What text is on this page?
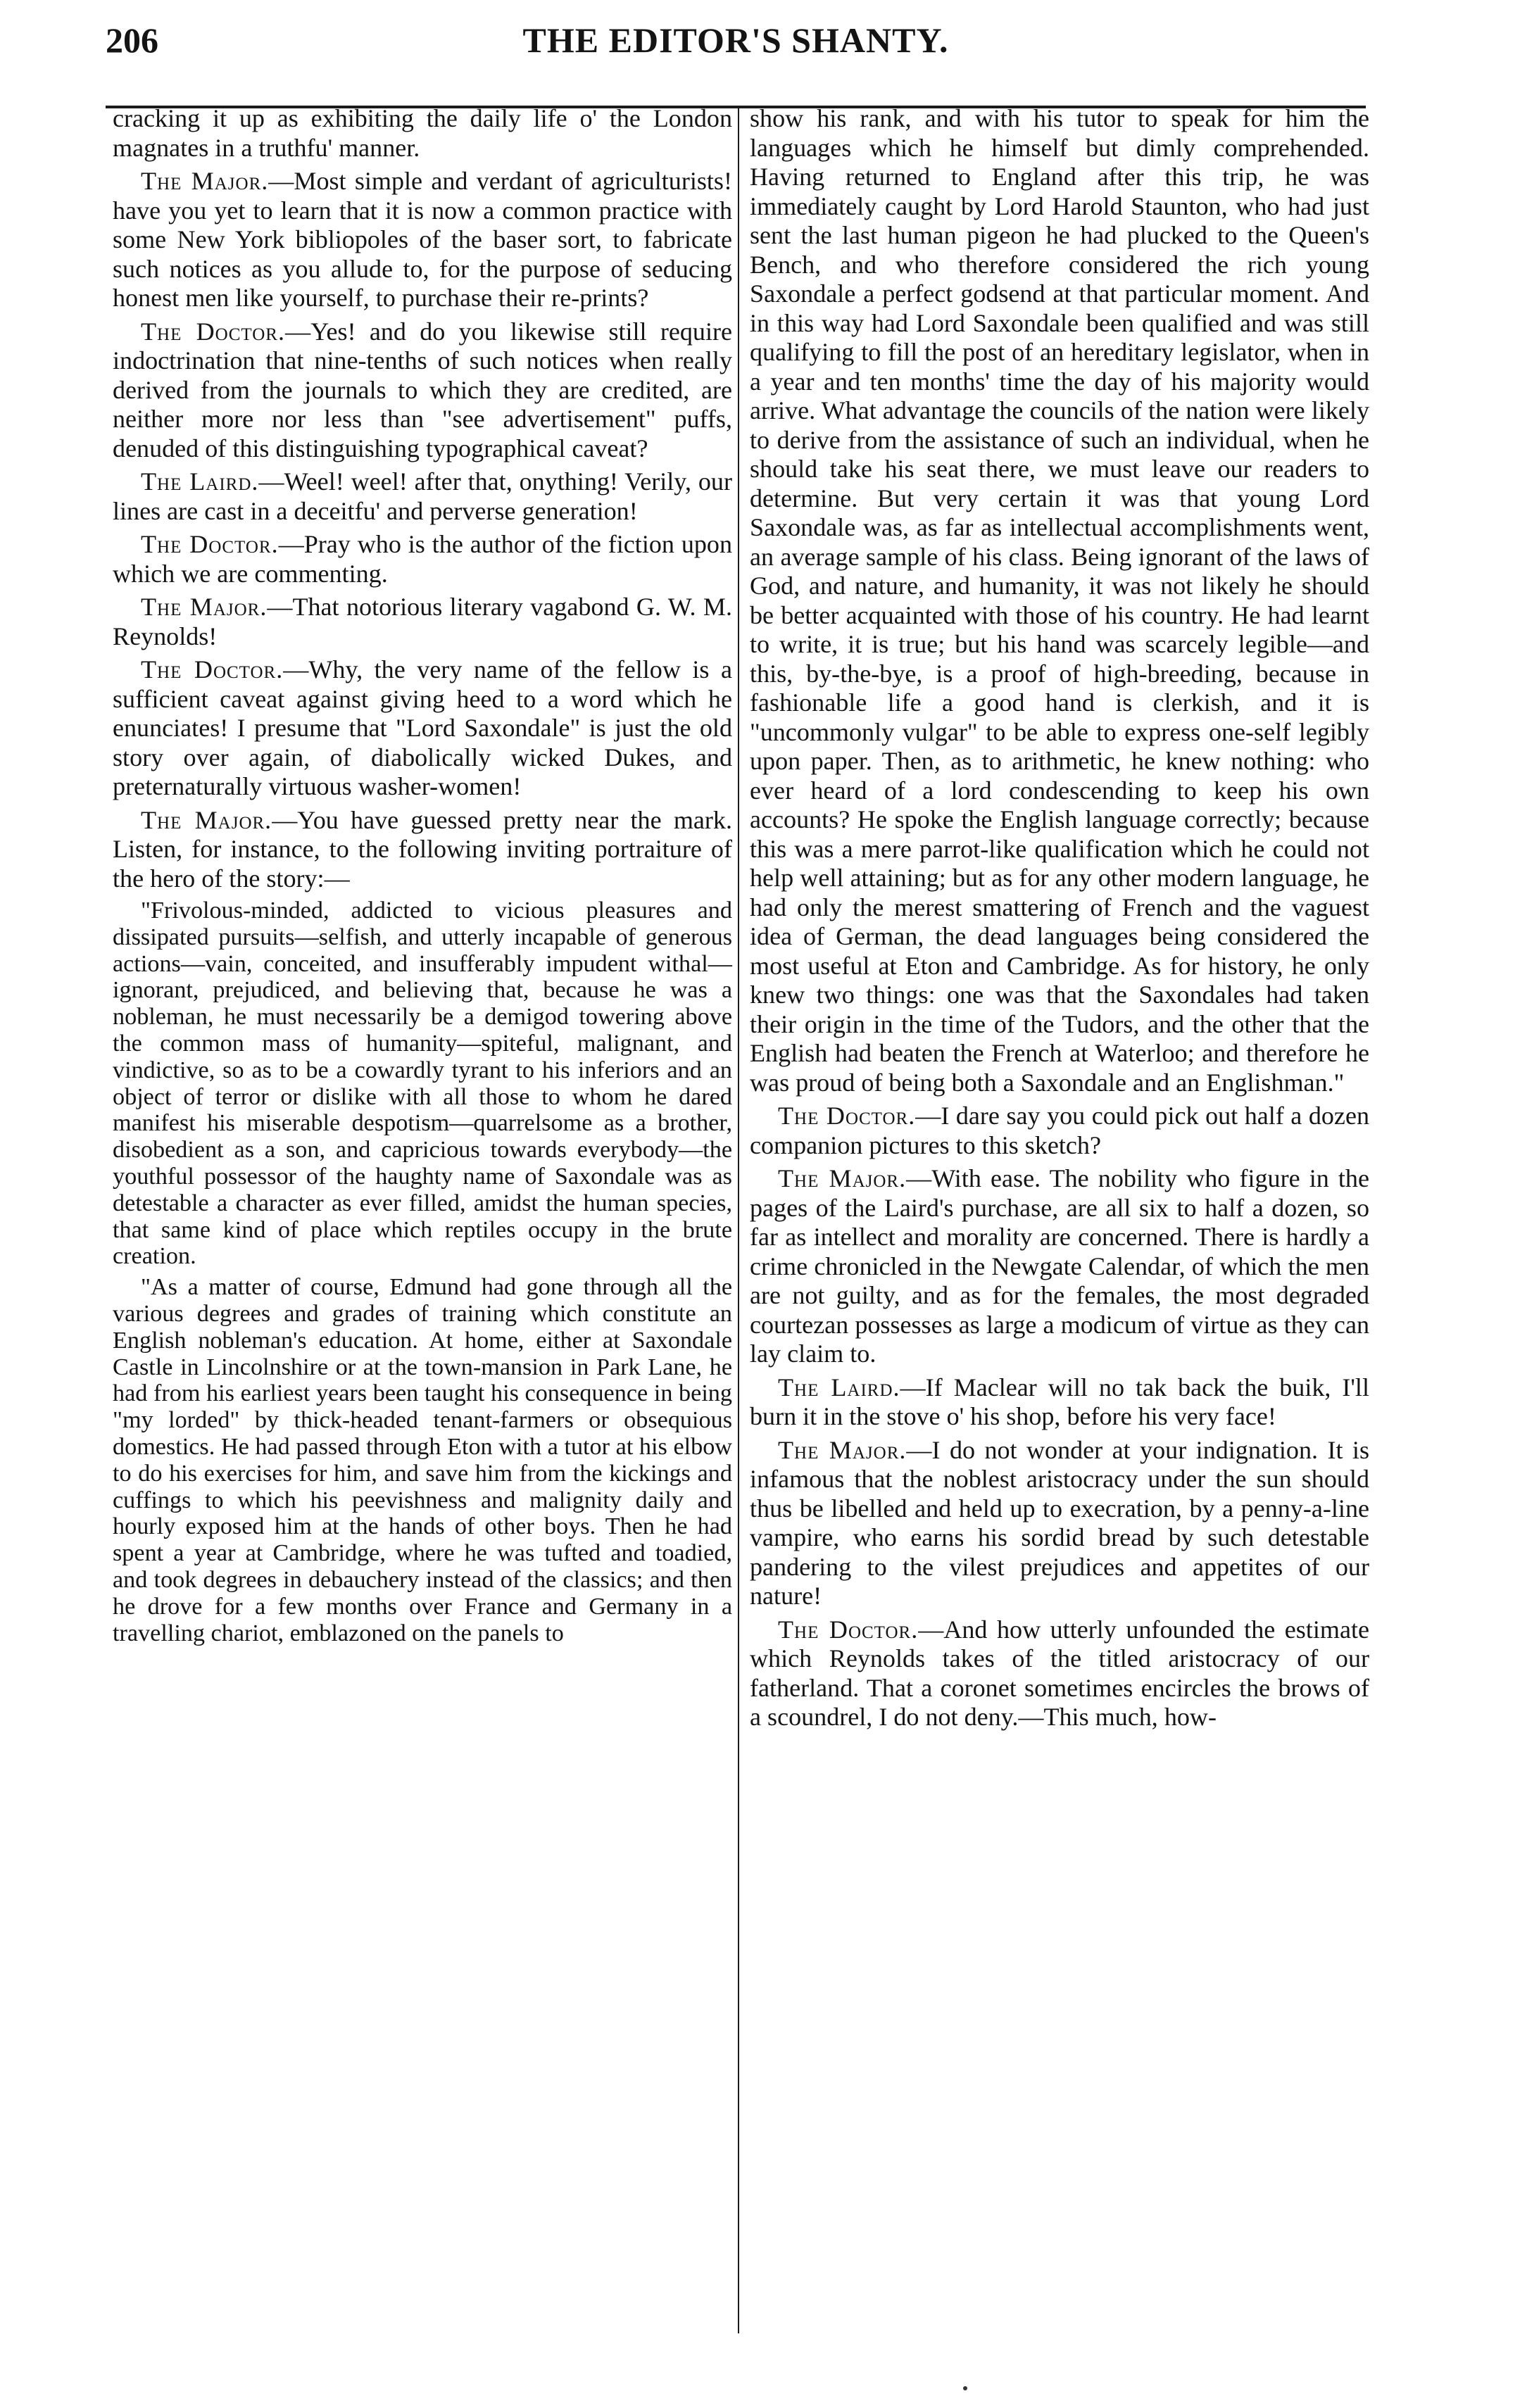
206	THE EDITOR'S SHANTY.

cracking it up as exhibiting the daily life o' the London magnates in a truthfu' manner.

The Major.—Most simple and verdant of agriculturists! have you yet to learn that it is now a common practice with some New York bibliopoles of the baser sort, to fabricate such notices as you allude to, for the purpose of seducing honest men like yourself, to purchase their re-prints?

The Doctor.—Yes! and do you likewise still require indoctrination that nine-tenths of such notices when really derived from the journals to which they are credited, are neither more nor less than "see advertisement" puffs, denuded of this distinguishing typographical caveat?

The Laird.—Weel! weel! after that, onything! Verily, our lines are cast in a deceitfu' and perverse generation!

The Doctor.—Pray who is the author of the fiction upon which we are commenting.

The Major.—That notorious literary vagabond G. W. M. Reynolds!

The Doctor.—Why, the very name of the fellow is a sufficient caveat against giving heed to a word which he enunciates! I presume that "Lord Saxondale" is just the old story over again, of diabolically wicked Dukes, and preternaturally virtuous washer-women!

The Major.—You have guessed pretty near the mark. Listen, for instance, to the following inviting portraiture of the hero of the story:—

"Frivolous-minded, addicted to vicious pleasures and dissipated pursuits—selfish, and utterly incapable of generous actions—vain, conceited, and insufferably impudent withal—ignorant, prejudiced, and believing that, because he was a nobleman, he must necessarily be a demigod towering above the common mass of humanity—spiteful, malignant, and vindictive, so as to be a cowardly tyrant to his inferiors and an object of terror or dislike with all those to whom he dared manifest his miserable despotism—quarrelsome as a brother, disobedient as a son, and capricious towards everybody—the youthful possessor of the haughty name of Saxondale was as detestable a character as ever filled, amidst the human species, that same kind of place which reptiles occupy in the brute creation.

"As a matter of course, Edmund had gone through all the various degrees and grades of training which constitute an English nobleman's education. At home, either at Saxondale Castle in Lincolnshire or at the town-mansion in Park Lane, he had from his earliest years been taught his consequence in being "my lorded" by thick-headed tenant-farmers or obsequious domestics. He had passed through Eton with a tutor at his elbow to do his exercises for him, and save him from the kickings and cuffings to which his peevishness and malignity daily and hourly exposed him at the hands of other boys. Then he had spent a year at Cambridge, where he was tufted and toadied, and took degrees in debauchery instead of the classics; and then he drove for a few months over France and Germany in a travelling chariot, emblazoned on the panels to

show his rank, and with his tutor to speak for him the languages which he himself but dimly comprehended. Having returned to England after this trip, he was immediately caught by Lord Harold Staunton, who had just sent the last human pigeon he had plucked to the Queen's Bench, and who therefore considered the rich young Saxondale a perfect godsend at that particular moment. And in this way had Lord Saxondale been qualified and was still qualifying to fill the post of an hereditary legislator, when in a year and ten months' time the day of his majority would arrive. What advantage the councils of the nation were likely to derive from the assistance of such an individual, when he should take his seat there, we must leave our readers to determine. But very certain it was that young Lord Saxondale was, as far as intellectual accomplishments went, an average sample of his class. Being ignorant of the laws of God, and nature, and humanity, it was not likely he should be better acquainted with those of his country. He had learnt to write, it is true; but his hand was scarcely legible—and this, by-the-bye, is a proof of high-breeding, because in fashionable life a good hand is clerkish, and it is "uncommonly vulgar" to be able to express one-self legibly upon paper. Then, as to arithmetic, he knew nothing: who ever heard of a lord condescending to keep his own accounts? He spoke the English language correctly; because this was a mere parrot-like qualification which he could not help well attaining; but as for any other modern language, he had only the merest smattering of French and the vaguest idea of German, the dead languages being considered the most useful at Eton and Cambridge. As for history, he only knew two things: one was that the Saxondales had taken their origin in the time of the Tudors, and the other that the English had beaten the French at Waterloo; and therefore he was proud of being both a Saxondale and an Englishman."

The Doctor.—I dare say you could pick out half a dozen companion pictures to this sketch?

The Major.—With ease. The nobility who figure in the pages of the Laird's purchase, are all six to half a dozen, so far as intellect and morality are concerned. There is hardly a crime chronicled in the Newgate Calendar, of which the men are not guilty, and as for the females, the most degraded courtezan possesses as large a modicum of virtue as they can lay claim to.

The Laird.—If Maclear will no tak back the buik, I'll burn it in the stove o' his shop, before his very face!

The Major.—I do not wonder at your indignation. It is infamous that the noblest aristocracy under the sun should thus be libelled and held up to execration, by a penny-a-line vampire, who earns his sordid bread by such detestable pandering to the vilest prejudices and appetites of our nature!

The Doctor.—And how utterly unfounded the estimate which Reynolds takes of the titled aristocracy of our fatherland. That a coronet sometimes encircles the brows of a scoundrel, I do not deny.—This much, how-
